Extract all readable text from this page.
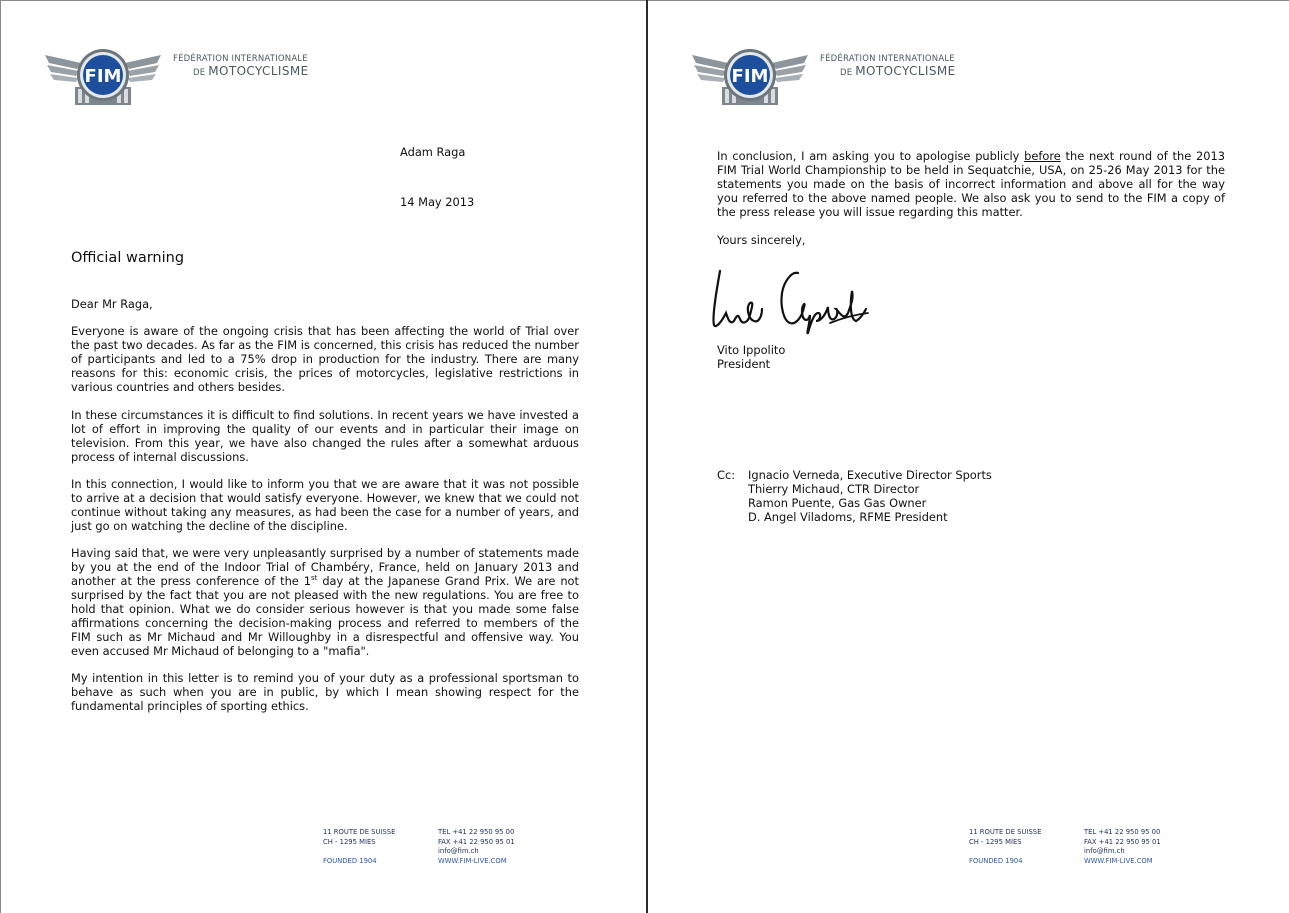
FIM
FÉDÉRATION INTERNATIONALE
DE MOTOCYCLISME
Adam Raga
14 May 2013
Official warning
Dear Mr Raga,
Everyone is aware of the ongoing crisis that has been affecting the world of Trial over the past two decades. As far as the FIM is concerned, this crisis has reduced the number of participants and led to a 75% drop in production for the industry. There are many reasons for this: economic crisis, the prices of motorcycles, legislative restrictions in various countries and others besides.
In these circumstances it is difficult to find solutions. In recent years we have invested a lot of effort in improving the quality of our events and in particular their image on television. From this year, we have also changed the rules after a somewhat arduous process of internal discussions.
In this connection, I would like to inform you that we are aware that it was not possible to arrive at a decision that would satisfy everyone. However, we knew that we could not continue without taking any measures, as had been the case for a number of years, and just go on watching the decline of the discipline.
Having said that, we were very unpleasantly surprised by a number of statements made by you at the end of the Indoor Trial of Chambéry, France, held on January 2013 and another at the press conference of the 1st day at the Japanese Grand Prix. We are not surprised by the fact that you are not pleased with the new regulations. You are free to hold that opinion. What we do consider serious however is that you made some false affirmations concerning the decision-making process and referred to members of the FIM such as Mr Michaud and Mr Willoughby in a disrespectful and offensive way. You even accused Mr Michaud of belonging to a "mafia".
My intention in this letter is to remind you of your duty as a professional sportsman to behave as such when you are in public, by which I mean showing respect for the fundamental principles of sporting ethics.
11 ROUTE DE SUISSE
CH - 1295 MIES

FOUNDED 1904
TEL +41 22 950 95 00
FAX +41 22 950 95 01
info@fim.ch
WWW.FIM-LIVE.COM
FIM
FÉDÉRATION INTERNATIONALE
DE MOTOCYCLISME
In conclusion, I am asking you to apologise publicly before the next round of the 2013 FIM Trial World Championship to be held in Sequatchie, USA, on 25-26 May 2013 for the statements you made on the basis of incorrect information and above all for the way you referred to the above named people. We also ask you to send to the FIM a copy of the press release you will issue regarding this matter.
Yours sincerely,
Vito Ippolito
President
Cc: Ignacio Verneda, Executive Director Sports
Thierry Michaud, CTR Director
Ramon Puente, Gas Gas Owner
D. Angel Viladoms, RFME President
11 ROUTE DE SUISSE
CH - 1295 MIES

FOUNDED 1904
TEL +41 22 950 95 00
FAX +41 22 950 95 01
info@fim.ch
WWW.FIM-LIVE.COM
